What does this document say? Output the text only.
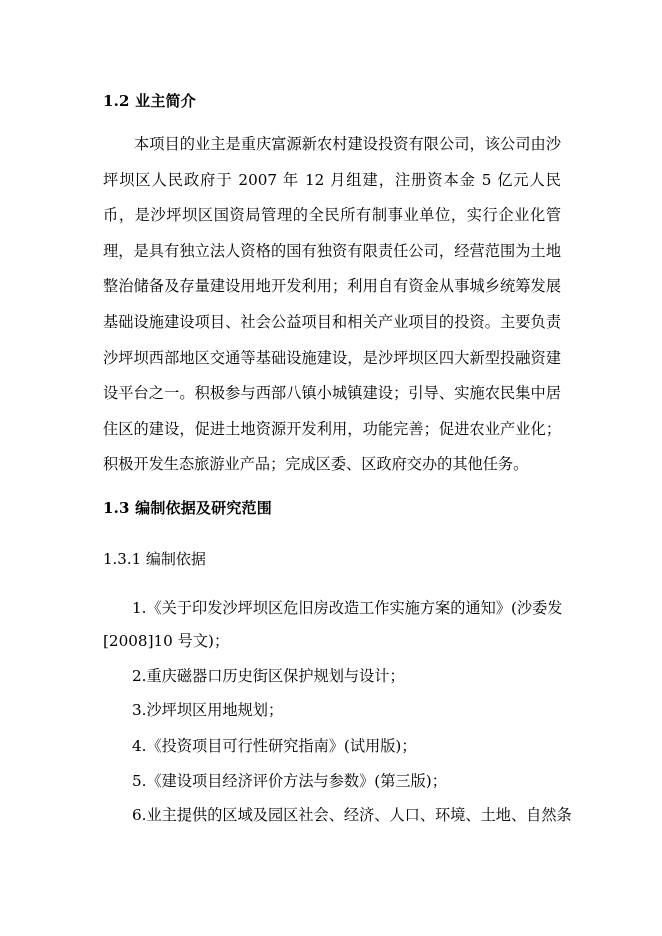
1.2 业主简介

本项目的业主是重庆富源新农村建设投资有限公司，该公司由沙坪坝区人民政府于 2007 年 12 月组建，注册资本金 5 亿元人民币，是沙坪坝区国资局管理的全民所有制事业单位，实行企业化管理，是具有独立法人资格的国有独资有限责任公司，经营范围为土地整治储备及存量建设用地开发利用；利用自有资金从事城乡统筹发展基础设施建设项目、社会公益项目和相关产业项目的投资。主要负责沙坪坝西部地区交通等基础设施建设，是沙坪坝区四大新型投融资建设平台之一。积极参与西部八镇小城镇建设；引导、实施农民集中居住区的建设，促进土地资源开发利用，功能完善；促进农业产业化；积极开发生态旅游业产品；完成区委、区政府交办的其他任务。

1.3 编制依据及研究范围
1.3.1 编制依据

1.《关于印发沙坪坝区危旧房改造工作实施方案的通知》(沙委发[2008]10 号文)；

2.重庆磁器口历史街区保护规划与设计；

3.沙坪坝区用地规划；

4.《投资项目可行性研究指南》(试用版)；

5.《建设项目经济评价方法与参数》(第三版)；

6.业主提供的区域及园区社会、经济、人口、环境、土地、自然条
